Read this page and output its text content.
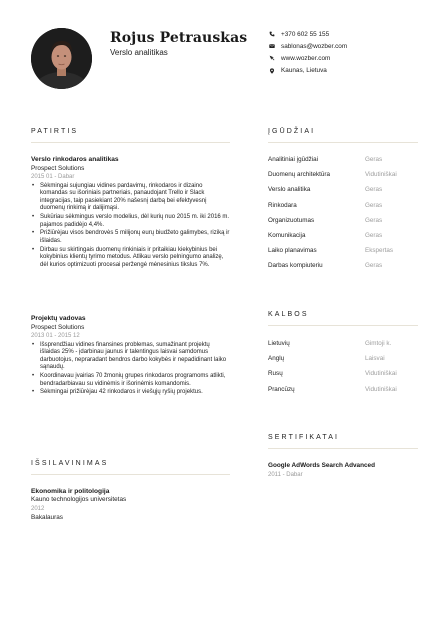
Rojus Petrauskas
Verslo analitikas
+370 602 55 155
sablonas@wozber.com
www.wozber.com
Kaunas, Lietuva
PATIRTIS
Verslo rinkodaros analitikas
Prospect Solutions
2015 01 - Dabar
• Sėkmingai sujungiau vidines pardavimų, rinkodaros ir dizaino komandas su išoriniais partneriais, panaudojant Trello ir Slack integracijas, taip pasiekiant 20% našesnį darbą bei efektyvesnį duomenų rinkimą ir dalijimąsi.
• Sukūriau sėkmingus verslo modelius, dėl kurių nuo 2015 m. iki 2016 m. pajamos padidėjo 4,4%.
• Prižiūrėjau visos bendrovės 5 milijonų eurų biudžeto galimybes, riziką ir išlaidas.
• Dirbau su skirtingais duomenų rinkiniais ir pritaikiau kiekybinius bei kokybinius klientų tyrimo metodus. Atlikau verslo pelningumo analizę, dėl kurios optimizuoti procesai peržengė mėnesinius tikslus 7%.
Projektų vadovas
Prospect Solutions
2013 01 - 2015 12
• Išsprendžiau vidines finansines problemas, sumažinant projektų išlaidas 25% - įdarbinau jaunus ir talentingus laisvai samdomus darbuotojus, nepraradant bendros darbo kokybės ir nepadidinant laiko sąnaudų.
• Koordinavau įvairias 70 žmonių grupes rinkodaros programoms atlikti, bendradarbiavau su vidinėmis ir išorinėmis komandomis.
• Sėkmingai prižiūrėjau 42 rinkodaros ir viešųjų ryšių projektus.
IŠSILAVINIMAS
Ekonomika ir politologija
Kauno technologijos universitetas
2012
Bakalauras
ĮGŪDŽIAI
Analitiniai įgūdžiai	Geras
Duomenų architektūra	Vidutiniškai
Verslo analitika	Geras
Rinkodara	Geras
Organizuotumas	Geras
Komunikacija	Geras
Laiko planavimas	Ekspertas
Darbas kompiuteriu	Geras
KALBOS
Lietuvių	Gimtoji k.
Anglų	Laisvai
Rusų	Vidutiniškai
Prancūzų	Vidutiniškai
SERTIFIKATAI
Google AdWords Search Advanced
2011 - Dabar
